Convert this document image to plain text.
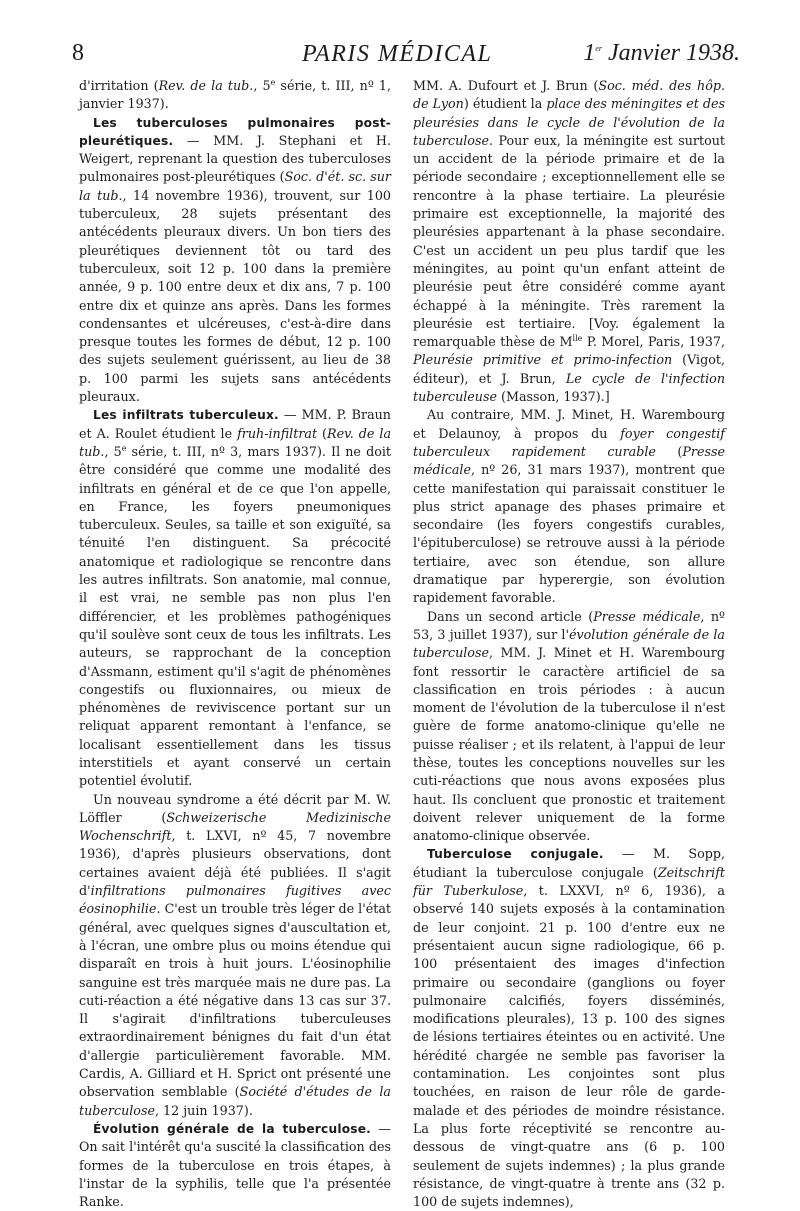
8	PARIS MÉDICAL	1er Janvier 1938.

d'irritation (Rev. de la tub., 5e série, t. III, nº 1, janvier 1937).

Les tuberculoses pulmonaires post-pleurétiques. — MM. J. Stephani et H. Weigert, reprenant la question des tuberculoses pulmonaires post-pleurétiques (Soc. d'ét. sc. sur la tub., 14 novembre 1936), trouvent, sur 100 tuberculeux, 28 sujets présentant des antécédents pleuraux divers. Un bon tiers des pleurétiques deviennent tôt ou tard des tuberculeux, soit 12 p. 100 dans la première année, 9 p. 100 entre deux et dix ans, 7 p. 100 entre dix et quinze ans après. Dans les formes condensantes et ulcéreuses, c'est-à-dire dans presque toutes les formes de début, 12 p. 100 des sujets seulement guérissent, au lieu de 38 p. 100 parmi les sujets sans antécédents pleuraux.

Les infiltrats tuberculeux. — MM. P. Braun et A. Roulet étudient le fruh-infiltrat (Rev. de la tub., 5e série, t. III, nº 3, mars 1937). Il ne doit être considéré que comme une modalité des infiltrats en général et de ce que l'on appelle, en France, les foyers pneumoniques tuberculeux. Seules, sa taille et son exiguïté, sa ténuité l'en distinguent. Sa précocité anatomique et radiologique se rencontre dans les autres infiltrats. Son anatomie, mal connue, il est vrai, ne semble pas non plus l'en différencier, et les problèmes pathogéniques qu'il soulève sont ceux de tous les infiltrats. Les auteurs, se rapprochant de la conception d'Assmann, estiment qu'il s'agit de phénomènes congestifs ou fluxionnaires, ou mieux de phénomènes de reviviscence portant sur un reliquat apparent remontant à l'enfance, se localisant essentiellement dans les tissus interstitiels et ayant conservé un certain potentiel évolutif.

Un nouveau syndrome a été décrit par M. W. Löffler (Schweizerische Medizinische Wochenschrift, t. LXVI, nº 45, 7 novembre 1936), d'après plusieurs observations, dont certaines avaient déjà été publiées. Il s'agit d'infiltrations pulmonaires fugitives avec éosinophilie. C'est un trouble très léger de l'état général, avec quelques signes d'auscultation et, à l'écran, une ombre plus ou moins étendue qui disparaît en trois à huit jours. L'éosinophilie sanguine est très marquée mais ne dure pas. La cuti-réaction a été négative dans 13 cas sur 37. Il s'agirait d'infiltrations tuberculeuses extraordinairement bénignes du fait d'un état d'allergie particulièrement favorable. MM. Cardis, A. Gilliard et H. Sprict ont présenté une observation semblable (Société d'études de la tuberculose, 12 juin 1937).

Évolution générale de la tuberculose. — On sait l'intérêt qu'a suscité la classification des formes de la tuberculose en trois étapes, à l'instar de la syphilis, telle que l'a présentée Ranke.

MM. A. Dufourt et J. Brun (Soc. méd. des hôp. de Lyon) étudient la place des méningites et des pleurésies dans le cycle de l'évolution de la tuberculose. Pour eux, la méningite est surtout un accident de la période primaire et de la période secondaire ; exceptionnellement elle se rencontre à la phase tertiaire. La pleurésie primaire est exceptionnelle, la majorité des pleurésies appartenant à la phase secondaire. C'est un accident un peu plus tardif que les méningites, au point qu'un enfant atteint de pleurésie peut être considéré comme ayant échappé à la méningite. Très rarement la pleurésie est tertiaire. [Voy. également la remarquable thèse de $M^{lle}$ P. Morel, Paris, 1937, Pleurésie primitive et primo-infection (Vigot, éditeur), et J. Brun, Le cycle de l'infection tuberculeuse (Masson, 1937).]

Au contraire, MM. J. Minet, H. Warembourg et Delaunoy, à propos du foyer congestif tuberculeux rapidement curable (Presse médicale, nº 26, 31 mars 1937), montrent que cette manifestation qui paraissait constituer le plus strict apanage des phases primaire et secondaire (les foyers congestifs curables, l'épituberculose) se retrouve aussi à la période tertiaire, avec son étendue, son allure dramatique par hyperergie, son évolution rapidement favorable.

Dans un second article (Presse médicale, nº 53, 3 juillet 1937), sur l'évolution générale de la tuberculose, MM. J. Minet et H. Warembourg font ressortir le caractère artificiel de sa classification en trois périodes : à aucun moment de l'évolution de la tuberculose il n'est guère de forme anatomo-clinique qu'elle ne puisse réaliser ; et ils relatent, à l'appui de leur thèse, toutes les conceptions nouvelles sur les cuti-réactions que nous avons exposées plus haut. Ils concluent que pronostic et traitement doivent relever uniquement de la forme anatomo-clinique observée.

Tuberculose conjugale. — M. Sopp, étudiant la tuberculose conjugale (Zeitschrift für Tuberkulose, t. LXXVI, nº 6, 1936), a observé 140 sujets exposés à la contamination de leur conjoint. 21 p. 100 d'entre eux ne présentaient aucun signe radiologique, 66 p. 100 présentaient des images d'infection primaire ou secondaire (ganglions ou foyer pulmonaire calcifiés, foyers disséminés, modifications pleurales), 13 p. 100 des signes de lésions tertiaires éteintes ou en activité. Une hérédité chargée ne semble pas favoriser la contamination. Les conjointes sont plus touchées, en raison de leur rôle de garde-malade et des périodes de moindre résistance. La plus forte réceptivité se rencontre au-dessous de vingt-quatre ans (6 p. 100 seulement de sujets indemnes) ; la plus grande résistance, de vingt-quatre à trente ans (32 p. 100 de sujets indemnes),
